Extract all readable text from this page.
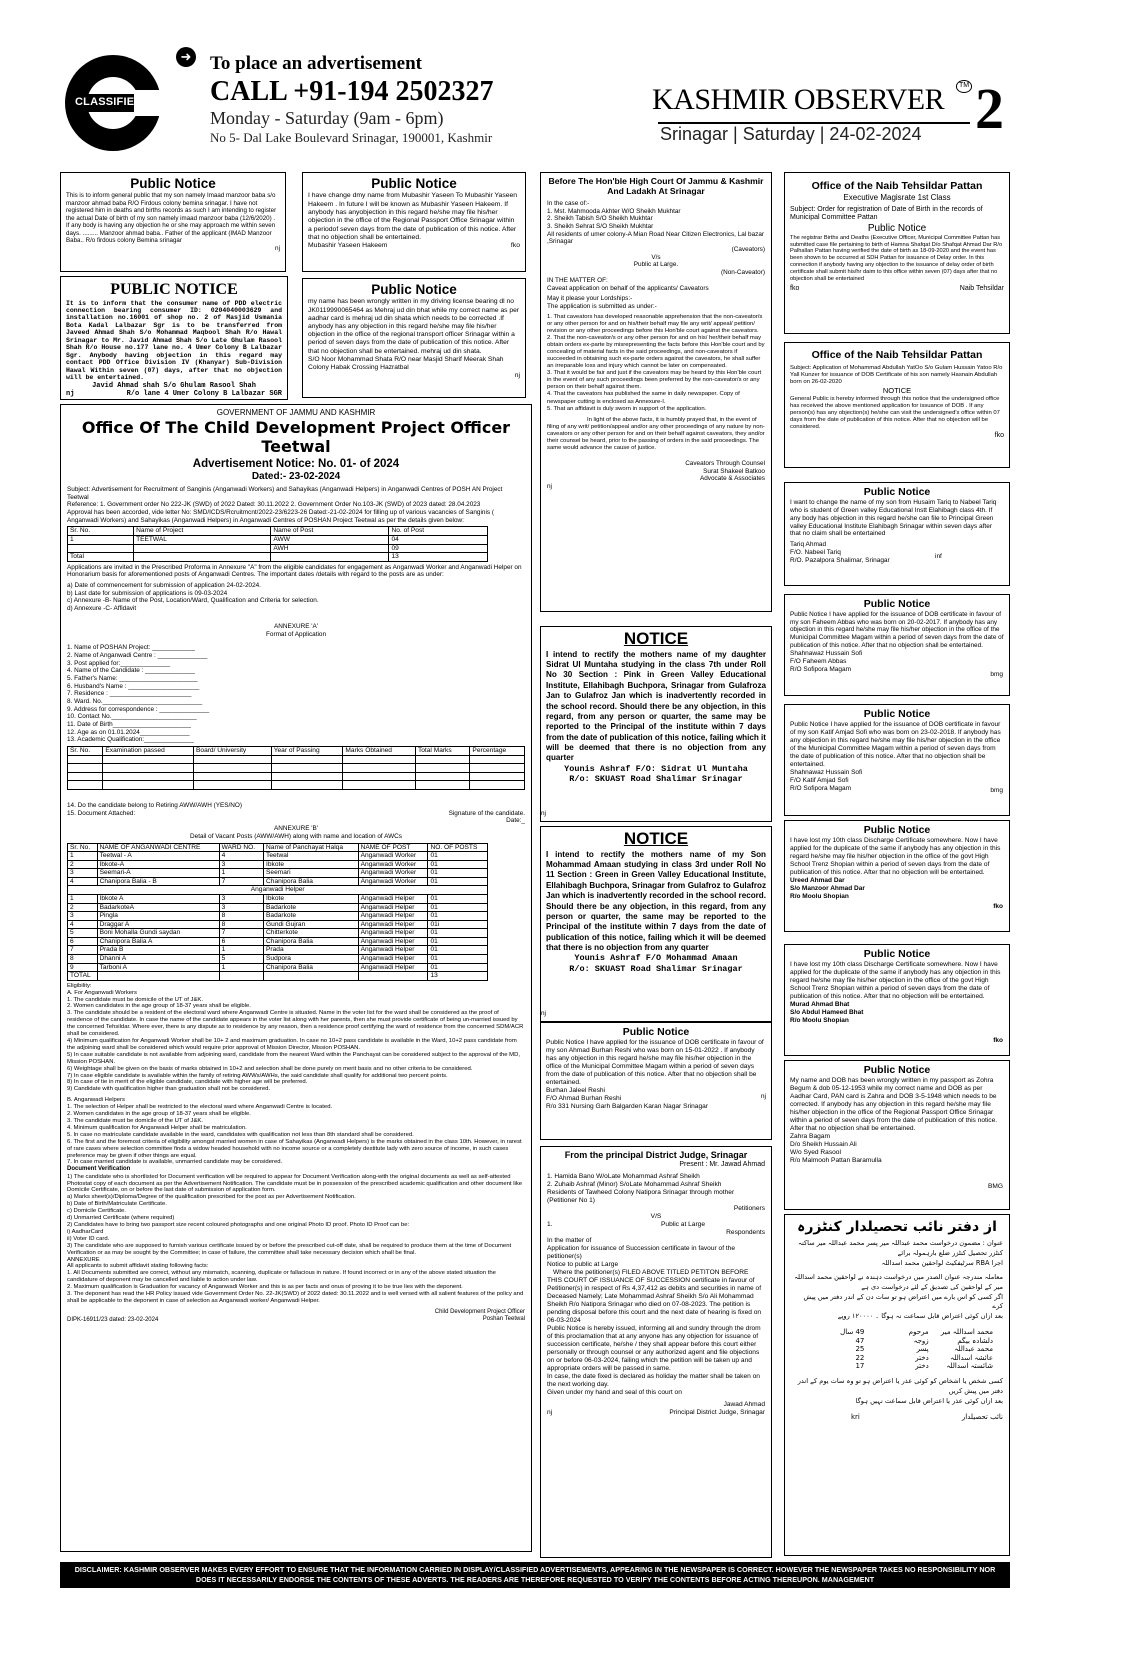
CLASSIFIEDS
➜ To place an advertisement
CALL +91-194 2502327
Monday - Saturday (9am - 6pm)
No 5- Dal Lake Boulevard Srinagar, 190001, Kashmir
KASHMIR OBSERVER	TM
Srinagar | Saturday | 24-02-2024 2
Public Notice
This is to inform general public that my son namely Imaad manzoor baba s/o manzoor ahmad baba R/O Firdous colony bemina srinagar. I have not registered him in deaths and births records as such I am intending to register the actual Date of birth of my son namely imaad manzoor baba (12/6/2020) . If any body is having any objection he or she may approach me within seven days. ......... Manzoor ahmad baba.. Father of the applicant (IMAD Manzoor Baba.. R/o firdous colony Bemina srinagar
nj
Public Notice
I have change dmy name from Mubashir Yaseen To Mubashir Yaseen Hakeem . In future I will be known as Mubashir Yaseen Hakeem. If anybody has anyobjection in this regard he/she may file his/her objection in the office of the Regional Passport Office Srinagar within a periodof seven days from the date of publication of this notice. After that no objection shall be entertained.
Mubashir Yaseen Hakeem	fko
PUBLIC NOTICE
It is to inform that the consumer name of PDD electric connection bearing consumer ID: 0204040003629 and installation no.16001 of shop no. 2 of Masjid Usmania Bota Kadal Lalbazar Sgr is to be transferred from Javeed Ahmad Shah S/o Mohammad Maqbool Shah R/o Hawal Srinagar to Mr. Javid Ahmad Shah S/o Late Ghulam Rasool Shah R/o House no.177 lane no. 4 Umer Colony B Lalbazar Sgr. Anybody having objection in this regard may contact PDD Office Division IV (Khanyar) Sub-Division Hawal Within seven (07) days, after that no objection will be entertained.
Javid Ahmad shah S/o Ghulam Rasool Shah
nj	R/o lane 4 Umer Colony B Lalbazar SGR
Public Notice
my name has been wrongly written in my driving license bearing dl no JK0119990065464 as Mehraj ud din bhat while my correct name as per aadhar card is mehraj ud din shata which needs to be corrected .If anybody has any objection in this regard he/she may file his/her objection in the office of the regional transport officer Srinagar within a period of seven days from the date of publication of this notice. After that no objection shall be entertained. mehraj ud din shata.
S/O Noor Mohammad Shata R/O near Masjid Sharif Meerak Shah Colony Habak Crossing Hazratbal
nj
GOVERNMENT OF JAMMU AND KASHMIR
Office Of The Child Development Project Officer Teetwal
Advertisement Notice: No. 01- of 2024
Dated:- 23-02-2024
Subject: Advertisement for Recruitment of Sanginis (Anganwadi Workers) and Sahayikas (Anganwadi Helpers) in Anganwadi Centres of POSH AN Project Teetwal
Reference: 1. Government order No 222-JK (SWD) of 2022 Dated: 30.11.2022 2. Government Order No.103-JK (SWD) of 2023 dated: 28.04.2023
Approval has been accorded, vide letter No: SMD/ICDS/Rcruitmcnt/2022-23/6223-26 Dated:-21-02-2024 for filling up of various vacancies of Sanginis ( Anganwadi Workers) and Sahayikas (Anganwadi Helpers) in Anganwadi Centres of POSHAN Project Teetwal as per the details given below:
Sr. No.	Name of Project	Name of Post	No. of Post
1	TEETWAL	AWW	04
		AWH	09
Total			13
Applications are invited in the Prescribed Proforma in Annexure "A" from the eligible candidates for engagement as Anganwadi Worker and Anganwadi Helper on Honorarium basis for aforementioned posts of Anganwadi Centres. The important dates /details with regard to the posts are as under:
a) Date of commencement for submission of application 24-02-2024.
b) Last date for submission of applications is 09-03-2024
c) Annexure -B- Name of the Post, Location/Ward, Qualification and Criteria for selection.
d) Annexure -C- Affidavit
ANNEXURE 'A'
Format of Application
1. Name of POSHAN Project: ____________
2. Name of Anganwadi Centre : ______________
3. Post applied for:______________
4. Name of the Candidate : ______________
5. Father's Name: ______________________
6. Husband's Name : ____________________
7. Residence : _______________________
8. Ward. No.____________________________
9. Address for correspondence : ______________
10. Contact No.________________________
11. Date of Birth______________________
12. Age as on 01.01.2024______________
13. Academic Qualification:______________
Sr. No.	Examination passed	Board/ University	Year of Passing	Marks Obtained	Total Marks	Percentage

14. Do the candidate belong to Retiring AWW/AWH (YES/NO)
15. Document Attached:	Signature of the candidate.
Date:_
ANNEXURE 'B'
Detail of Vacant Posts (AWW/AWH) along with name and location of AWCs
Sr. No.	NAME OF ANGANWADI CENTRE	WARD NO.	Name of Panchayat Halqa	NAME OF POST	NO. OF POSTS
1	Teetwal - A	4	Teetwal	Anganwadi Worker	01
2	Ibkote-A	3	Ibkote	Anganwadi Worker	01
3	Seemari-A	1	Seemari	Anganwadi Worker	01
4	Chanipora Balia - B	7	Chanipora Balia	Anganwadi Worker	01
Anganwadi Helper					
1	Ibkote A	3	Ibkote	Anganwadi Helper	01
2	BadarkoteA	3	Badarkote	Anganwadi Helper	01
3	Pingla	8	Badarkote	Anganwadi Helper	01
4	Draggar A	8	Gundi Gujran	Anganwadi Helper	01i
5	Boni Mohalla Gundi saydan	7	Chitterkote	Anganwadi Helper	01
6	Chanipora Balia A	6	Chanipora Balia	Anganwadi Helper	01
7	Prada B	1	Prada	Anganwadi Helper	01
8	Dhanni A	5	Sudpora	Anganwadi Helper	01
9	Tarboni A	1	Chanipora Balia	Anganwadi Helper	01
TOTAL					13
Eligibility:
A. For Anganwadi Workers
1. The candidate must be domicile of the UT of J&K.
2. Women candidates in the age group of 18-37 years shall be eligible.
3. The candidate should be a resident of the electoral ward where Anganwadi Centre is situated. Name in the voter list for the ward shall be considered as the proof of residence of the candidate. In case the name of the candidate appears in the voter list along with her parents, then she must provide certificate of being un-married issued by the concerned Tehsildar. Where ever, there is any dispute as to residence by any reason, then a residence proof certifying the ward of residence from the concerned SDM/ACR shall be considered.
4) Minimum qualification for Anganwadi Worker shall be 10+ 2 and maximum graduation. In case no 10+2 pass candidate is available in the Ward, 10+2 pass candidate from the adjoining ward shall be considered which would require prior approval of Mission Director, Mission POSHAN.
5) In case suitable candidate is not available from adjoining ward, candidate from the nearest Ward within the Panchayat can be considered subject to the approval of the MD, Mission POSHAN.
6) Weightage shall be given on the basis of marks obtained in 10+2 and selection shall be done purely on merit basis and no other criteria to be considered.
7) In case eligible candidate is available within the family of retiring AWWs/AWHs, the said candidate shall qualify for additional two percent points.
8) In case of tie in merit of the eligible candidate, candidate with higher age will be preferred.
9) Candidate with qualification higher than graduation shall not be considered.
B. Anganwadi Helpers
1. The selection of Helper shall be restricted to the electoral ward where Anganwadi Centre is located.
2. Women candidates in the age group of 18-37 years shall be eligible.
3. The candidate must be domicile of the UT of J&K.
4. Minimum qualification for Anganwadi Helper shall be matriculation.
5. In case no matriculate candidate available in the ward, candidates with qualification not less than 8th standard shall be considered.
6. The first and the foremost criteria of eligibility amongst married women in case of Sahayikas (Anganwadi Helpers) is the marks obtained in the class 10th. However, in rarest of rare cases where selection committee finds a widow headed household with no income source or a completely destitute lady with zero source of income, in such cases preference may be given if other things are equal.
7. In case married candidate is available, unmarried candidate may be considered.
Document Verification
1) The candidate who is shortlisted for Document verification will be required to appear for Document Verification along-with the original documents as well as self-attested Photostat copy of each document as per the Advertisement Notification. The candidate must be in possession of the prescribed academic qualification and other document like Domicile Certificate, on or before the last date of submission of application form.
a) Marks sheet(s)/Diploma/Degree of the qualification prescribed for the post as per Advertisement Notification.
b) Date of Birth/Matriculate Certificate.
c) Domicile Certificate.
d) Unmarried Certificate (where required)
2) Candidates have to bring two passport size recent coloured photographs and one original Photo ID proof. Photo ID Proof can be:
i) AadharCard
ii) Voter ID card.
3) The candidate who are supposed to furnish various certificate issued by or before the prescribed cut-off date, shall be required to produce them at the time of Document Verification or as may be sought by the Committee; in case of failure, the committee shall take necessary decision which shall be final.
ANNEXURE
All applicants to submit affidavit stating following facts:
1. All Documents submitted are correct, without any mismatch, scanning, duplicate or fallacious in nature. If found incorrect or in any of the above stated situation the candidature of deponent may be cancelled and liable to action under law.
2. Maximum qualification is Graduation for vacancy of Anganwadi Worker and this is as per facts and onus of proving it to be true lies with the deponent.
3. The deponent has read the HR Policy issued vide Government Order No. 22-JK(SWD) of 2022 dated: 30.11.2022 and is well versed with all salient features of the policy and shall be applicable to the deponent in case of selection as Anganwadi worker/ Anganwadi Helper.
DIPK-16911/23 dated: 23-02-2024
Child Development Project Officer
Poshan Teetwal
Before The Hon'ble High Court Of Jammu & Kashmir And Ladakh At Srinagar
In the case of:-
1. Mst. Mahmooda Akhter W/O Sheikh Mukhtar
2. Sheikh Tabish S/O Sheikh Mukhtar
3. Sheikh Sehrat S/O Sheikh Mukhtar
All residents of umer colony-A Mian Road Near Citizen Electronics, Lal bazar ,Srinagar
(Caveators)
V/s
Public at Large.
(Non-Caveator)
IN THE MATTER OF:
Caveat application on behalf of the applicants/ Caveators
May it please your Lordships:-
The application is submitted as under:-
1. That caveators has developed reasonable apprehension that the non-caveator/s or any other person for and on his/their behalf may file any writ/ appeal/ petition/ revision or any other proceedings before this Hon'ble court against the caveators.
2. That the non-caveator/s or any other person for and on his/ her/their behalf may obtain orders ex-parte by misrepresenting the facts before this Hon'ble court and by concealing of material facts in the said proceedings, and non-caveators if succeeded in obtaining such ex-parte orders against the caveators, he shall suffer an irreparable loss and injury which cannot be later on compensated.
3. That it would be fair and just if the caveators may be heard by this Hon'ble court in the event of any such proceedings been preferred by the non-caveator/s or any person on their behalf against them.
4. That the caveators has published the same in daily newspaper. Copy of newspaper cutting is enclosed as Annexure-I.
5. That an affidavit is duly sworn in support of the application.
In light of the above facts, it is humbly prayed that, in the event of filing of any writ/ petition/appeal and/or any other proceedings of any nature by non-caveators or any other person for and on their behalf against caveators, they and/or their counsel be heard, prior to the passing of orders in the said proceedings. The same would advance the cause of justice.
Caveators Through Counsel
Surat Shakeel Batkoo
Advocate & Associates
nj
NOTICE
I intend to rectify the mothers name of my daughter Sidrat Ul Muntaha studying in the class 7th under Roll No 30 Section : Pink in Green Valley Educational Institute, Ellahibagh Buchpora, Srinagar from Gulafroza Jan to Gulafroz Jan which is inadvertently recorded in the school record. Should there be any objection, in this regard, from any person or quarter, the same may be reported to the Principal of the institute within 7 days from the date of publication of this notice, failing which it will be deemed that there is no objection from any quarter
Younis Ashraf F/O: Sidrat Ul Muntaha
R/o: SKUAST Road Shalimar Srinagar
nj
NOTICE
I intend to rectify the mothers name of my Son Mohammad Amaan studying in class 3rd under Roll No 11 Section : Green in Green Valley Educational Institute, Ellahibagh Buchpora, Srinagar from Gulafroz to Gulafroz Jan which is inadvertently recorded in the school record. Should there be any objection, in this regard, from any person or quarter, the same may be reported to the Principal of the institute within 7 days from the date of publication of this notice, failing which it will be deemed that there is no objection from any quarter
Younis Ashraf F/O Mohammad Amaan
R/o: SKUAST Road Shalimar Srinagar
nj
Public Notice
Public Notice I have applied for the issuance of DOB certificate in favour of my son Ahmad Burhan Reshi who was born on 15-01-2022 . If anybody has any objection in this regard he/she may file his/her objection in the office of the Municipal Committee Magam within a period of seven days from the date of publication of this notice. After that no objection shall be entertained.
Burhan Jaleel Reshi
F/O Ahmad Burhan Reshi
R/o 331 Nursing Garh Balgarden Karan Nagar Srinagar
nj
From the principal District Judge, Srinagar
Present : Mr. Jawad Ahmad
1. Hamida Bano W/oLate Mohammad Ashraf Sheikh
2. Zuhaib Ashraf (Minor) S/oLate Mohammad Ashraf Sheikh
Residents of Tawheed Colony Natipora Srinagar through mother (Petitioner No 1)
Petitioners
V/S
1.	Public at Large
Respondents
In the matter of
Application for issuance of Succession certificate in favour of the petitioner(s)
Notice to public at Large
Where the petitioner(s) FILED ABOVE TITLED PETITON BEFORE THIS COURT OF ISSUANCE OF SUCCESSION certificate in favour of Petitioner(s) in respect of Rs 4,37,412 as debits and securities in name of Deceased Namely; Late Mohammad Ashraf Sheikh S/o Ali Mohammad Sheikh R/o Natipora Srinagar who died on 07-08-2023. The petition is pending disposal before this court and the next date of hearing is fixed on 06-03-2024
Public Notice is hereby issued, informing all and sundry through the drom of this proclamation that at any anyone has any objection for issuance of succession certificate, he/she / they shall appear before this court either personally or through counsel or any authorized agent and file objections on or before 06-03-2024, failing which the petition will be taken up and appropriate orders will be passed in same.
In case, the date fixed is declared as holiday the matter shall be taken on the next working day.
Given under my hand and seal of this court on
Jawad Ahmad
nj	Principal District Judge, Srinagar
Office of the Naib Tehsildar Pattan
Executive Magisrate 1st Class
Subject: Order for registration of Date of Birth in the records of Municipal Committee Pattan
Public Notice
The registrar Births and Deaths (Executive Officer, Municipal Committee Pattan has submitted case file pertaining to birth of Hamna Shafqat D/o Shafqat Ahmad Dar R/o Palhallan Pattan having verified the date of birth as 18-09-2020 and the event has been shown to be occurred at SDH Pattan for issuance of Delay order. In this connection if anybody having any objection to the issuance of delay order of birth certificate shall submit his/hr daim to this office within seven (07) days after that no objection shall be entertained
fko	Naib Tehsildar
Office of the Naib Tehsildar Pattan
Subject: Application of Mohammad Abdullah YatOo S/o Gulam Hussain Yatoo R/o Yall Kunzer for issuance of DOB Certificate of his son namely Hasnain Abdullah born on 26-02-2020
NOTICE
General Public is hereby informed through this notice that the undersigned office has received the above mentioned application for issuance of DOB . If any person(s) has any objection(s) he/she can visit the undersigned's office within 07 days from the date of publication of this notice. After that no objection will be considered.
fko
Public Notice
I want to change the name of my son from Husaim Tariq to Nabeel Tariq who is student of Green valley Educational Instt Elahibagh class 4th. If any body has objection in this regard he/she can file to Principal Green valley Educational Institute Elahibagh Srinagar within seven days after that no claim shall be entertained
Tariq Ahmad
F/O. Nabeel Tariq
R/O. Pazalpora Shalimar, Srinagar
inf
Public Notice
Public Notice I have applied for the issuance of DOB certificate in favour of my son Faheem Abbas who was born on 20-02-2017. If anybody has any objection in this regard he/she may file his/her objection in the office of the Municipal Committee Magam within a period of seven days from the date of publication of this notice. After that no objection shall be entertained.
Shahnawaz Hussain Sofi
F/O Faheem Abbas
R/O Sofipora Magam
bmg
Public Notice
Public Notice I have applied for the issuance of DOB certificate in favour of my son Katif Amjad Sofi who was born on 23-02-2018. If anybody has any objection in this regard he/she may file his/her objection in the office of the Municipal Committee Magam within a period of seven days from the date of publication of this notice. After that no objection shall be entertained.
Shahnawaz Hussain Sofi
F/O Katif Amjad Sofi
R/O Sofipora Magam	bmg
Public Notice
I have lost my 10th class Discharge Certificate somewhere. Now I have applied for the duplicate of the same if anybody has any objection in this regard he/she may file his/her objection in the office of the govt High School Trenz Shopian within a period of seven days from the date of publication of this notice. After that no objection will be entertained.
Ureed Ahmad Dar
S/o Manzoor Ahmad Dar
R/o Moolu Shopian
fko
Public Notice
I have lost my 10th class Discharge Certificate somewhere. Now I have applied for the duplicate of the same if anybody has any objection in this regard he/she may file his/her objection in the office of the govt High School Trenz Shopian within a period of seven days from the date of publication of this notice. After that no objection will be entertained.
Murad Ahmad Bhat
S/o Abdul Hameed Bhat
R/o Moolu Shopian
fko
Public Notice
My name and DOB has been wrongly written in my passport as Zohra Begum & dob 05-12-1953 while my correct name and DOB as per Aadhar Card, PAN card is Zahra and DOB 3-5-1948 which needs to be corrected. If anybody has any objection in this regard he/she may file his/her objection in the office of the Regional Passport Office Srinagar within a period of seven days from the date of publication of this notice. After that no objection shall be entertained.
Zahra Bagam
D/o Sheikh Hussain Ali
W/o Syed Rasool
R/o Malmooh Pattan Baramulla
BMG
از دفتر نائب تحصیلدار کنٹزرہ
عنوان : مضمون درخواست محمد عبداللہ میر پسر محمد عبداللہ میر ساکنہ کنٹزر تحصیل کنٹزر ضلع بارہمولہ برائے
اجرا RBA سرٹیفکیٹ لواحقین محمد اسداللہ
معاملہ مندرجہ عنوان الصدر میں درخواست دہندہ نے لواحقین محمد اسداللہ میر کے لواحقین کی تصدیق کے لئے درخواست دی ہے
اگر کسی کو اس بارے میں اعتراض ہو تو سات دن کے اندر دفتر میں پیش کرے
بعد ازاں کوئی اعتراض قابل سماعت نہ ہوگا ۔ ۱۲۰۰۰۰ روپے
محمد اسداللہ میر
مرحوم
49 سال
دلشادہ بیگم
زوجہ
47
محمد عبداللہ
پسر
25
عائشہ اسداللہ
دختر
22
شائستہ اسداللہ
دختر
17
کسی شخص یا اشخاص کو کوئی عذر یا اعتراض ہو تو وہ سات یوم کے اندر دفتر میں پیش کریں
بعد ازاں کوئی عذر یا اعتراض قابل سماعت نہیں ہوگا
نائب تحصیلدار
kri
DISCLAIMER: KASHMIR OBSERVER MAKES EVERY EFFORT TO ENSURE THAT THE INFORMATION CARRIED IN DISPLAY/CLASSIFIED ADVERTISEMENTS, APPEARING IN THE NEWSPAPER IS CORRECT. HOWEVER THE NEWSPAPER TAKES NO RESPONSIBILITY NOR DOES IT NECESSARILY ENDORSE THE CONTENTS OF THESE ADVERTS. THE READERS ARE THEREFORE REQUESTED TO VERIFY THE CONTENTS BEFORE ACTING THEREUPON. MANAGEMENT
